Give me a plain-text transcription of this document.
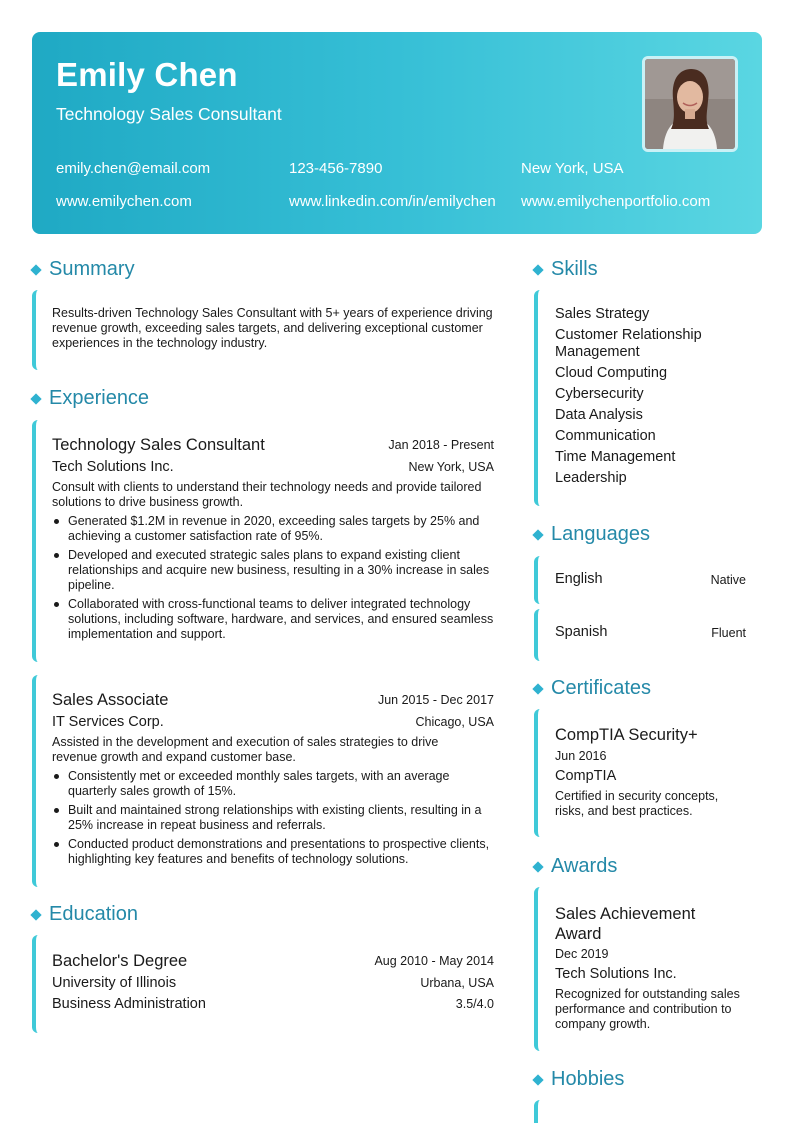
Emily Chen
Technology Sales Consultant
emily.chen@email.com	123-456-7890	New York, USA
www.emilychen.com	www.linkedin.com/in/emilychen www.emilychenportfolio.com
Summary
Results-driven Technology Sales Consultant with 5+ years of experience driving revenue growth, exceeding sales targets, and delivering exceptional customer experiences in the technology industry.
Experience
Technology Sales Consultant	Jan 2018 - Present
Tech Solutions Inc.	New York, USA
Consult with clients to understand their technology needs and provide tailored solutions to drive business growth.
Generated $1.2M in revenue in 2020, exceeding sales targets by 25% and achieving a customer satisfaction rate of 95%.
Developed and executed strategic sales plans to expand existing client relationships and acquire new business, resulting in a 30% increase in sales pipeline.
Collaborated with cross-functional teams to deliver integrated technology solutions, including software, hardware, and services, and ensured seamless implementation and support.
Sales Associate	Jun 2015 - Dec 2017
IT Services Corp.	Chicago, USA
Assisted in the development and execution of sales strategies to drive revenue growth and expand customer base.
Consistently met or exceeded monthly sales targets, with an average quarterly sales growth of 15%.
Built and maintained strong relationships with existing clients, resulting in a 25% increase in repeat business and referrals.
Conducted product demonstrations and presentations to prospective clients, highlighting key features and benefits of technology solutions.
Education
Bachelor's Degree	Aug 2010 - May 2014
University of Illinois	Urbana, USA
Business Administration	3.5/4.0
Skills
Sales Strategy
Customer Relationship Management
Cloud Computing
Cybersecurity
Data Analysis
Communication
Time Management
Leadership
Languages
English	Native
Spanish	Fluent
Certificates
CompTIA Security+
Jun 2016
CompTIA
Certified in security concepts, risks, and best practices.
Awards
Sales Achievement Award
Dec 2019
Tech Solutions Inc.
Recognized for outstanding sales performance and contribution to company growth.
Hobbies
